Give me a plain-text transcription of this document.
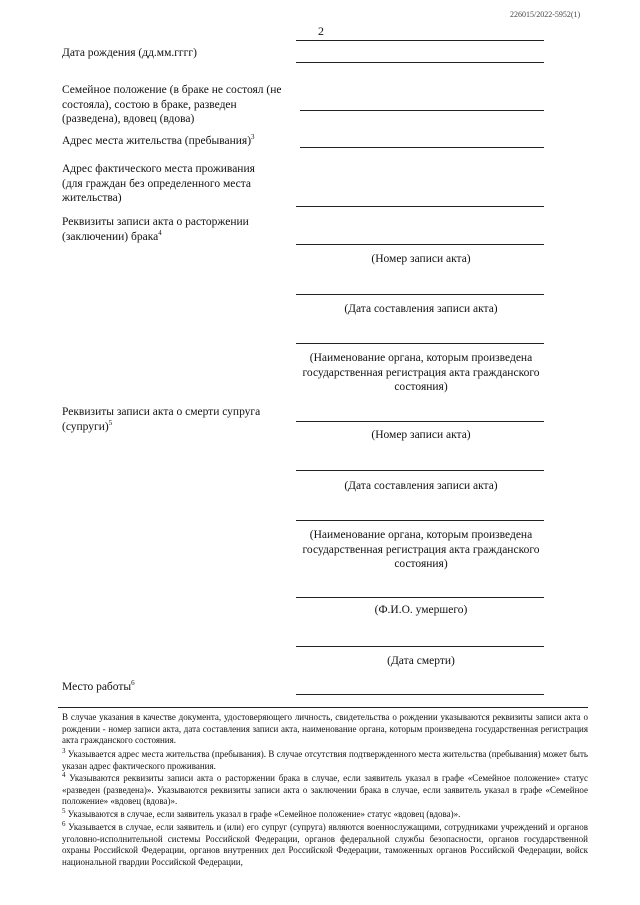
226015/2022-5952(1)
2
Дата рождения (дд.мм.гггг)
Семейное положение (в браке не состоял (не состояла), состою в браке, разведен (разведена), вдовец (вдова)
Адрес места жительства (пребывания)$^3$
Адрес фактического места проживания (для граждан без определенного места жительства)
Реквизиты записи акта о расторжении (заключении) брака$^4$
(Номер записи акта)
(Дата составления записи акта)
(Наименование органа, которым произведена государственная регистрация акта гражданского состояния)
Реквизиты записи акта о смерти супруга (супруги)$^5$
(Номер записи акта)
(Дата составления записи акта)
(Наименование органа, которым произведена государственная регистрация акта гражданского состояния)
(Ф.И.О. умершего)
(Дата смерти)
Место работы$^6$
В случае указания в качестве документа, удостоверяющего личность, свидетельства о рождении указываются реквизиты записи акта о рождении - номер записи акта, дата составления записи акта, наименование органа, которым произведена государственная регистрация акта гражданского состояния.
$^3$ Указывается адрес места жительства (пребывания). В случае отсутствия подтвержденного места жительства (пребывания) может быть указан адрес фактического проживания.
$^4$ Указываются реквизиты записи акта о расторжении брака в случае, если заявитель указал в графе «Семейное положение» статус «разведен (разведена)». Указываются реквизиты записи акта о заключении брака в случае, если заявитель указал в графе «Семейное положение» «вдовец (вдова)».
$^5$ Указываются в случае, если заявитель указал в графе «Семейное положение» статус «вдовец (вдова)».
$^6$ Указывается в случае, если заявитель и (или) его супруг (супруга) являются военнослужащими, сотрудниками учреждений и органов уголовно-исполнительной системы Российской Федерации, органов федеральной службы безопасности, органов государственной охраны Российской Федерации, органов внутренних дел Российской Федерации, таможенных органов Российской Федерации, войск национальной гвардии Российской Федерации,
